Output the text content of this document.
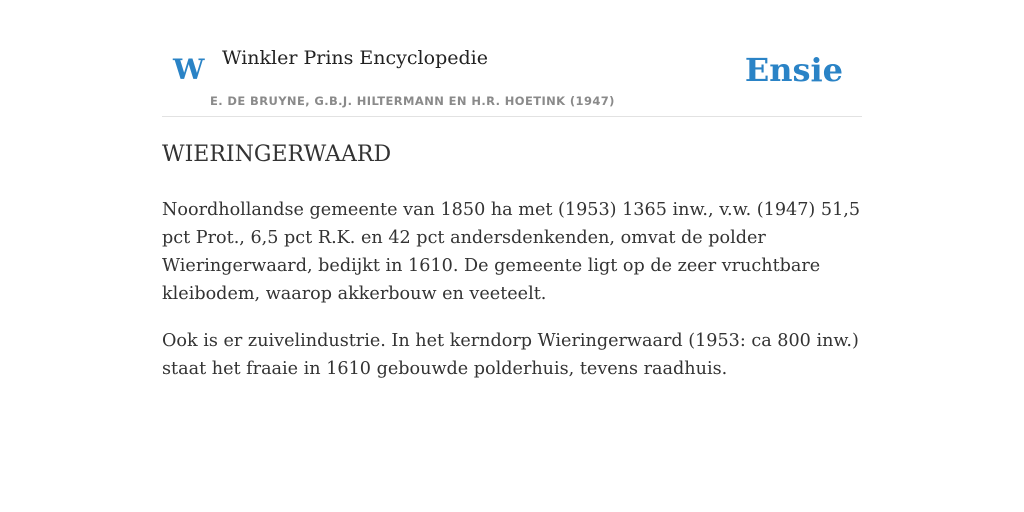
W Winkler Prins Encyclopedie
E. DE BRUYNE, G.B.J. HILTERMANN EN H.R. HOETINK (1947)
Ensie
WIERINGERWAARD

Noordhollandse gemeente van 1850 ha met (1953) 1365 inw., v.w. (1947) 51,5 pct Prot., 6,5 pct R.K. en 42 pct andersdenkenden, omvat de polder Wieringerwaard, bedijkt in 1610. De gemeente ligt op de zeer vruchtbare kleibodem, waarop akkerbouw en veeteelt.

Ook is er zuivelindustrie. In het kerndorp Wieringerwaard (1953: ca 800 inw.) staat het fraaie in 1610 gebouwde polderhuis, tevens raadhuis.
